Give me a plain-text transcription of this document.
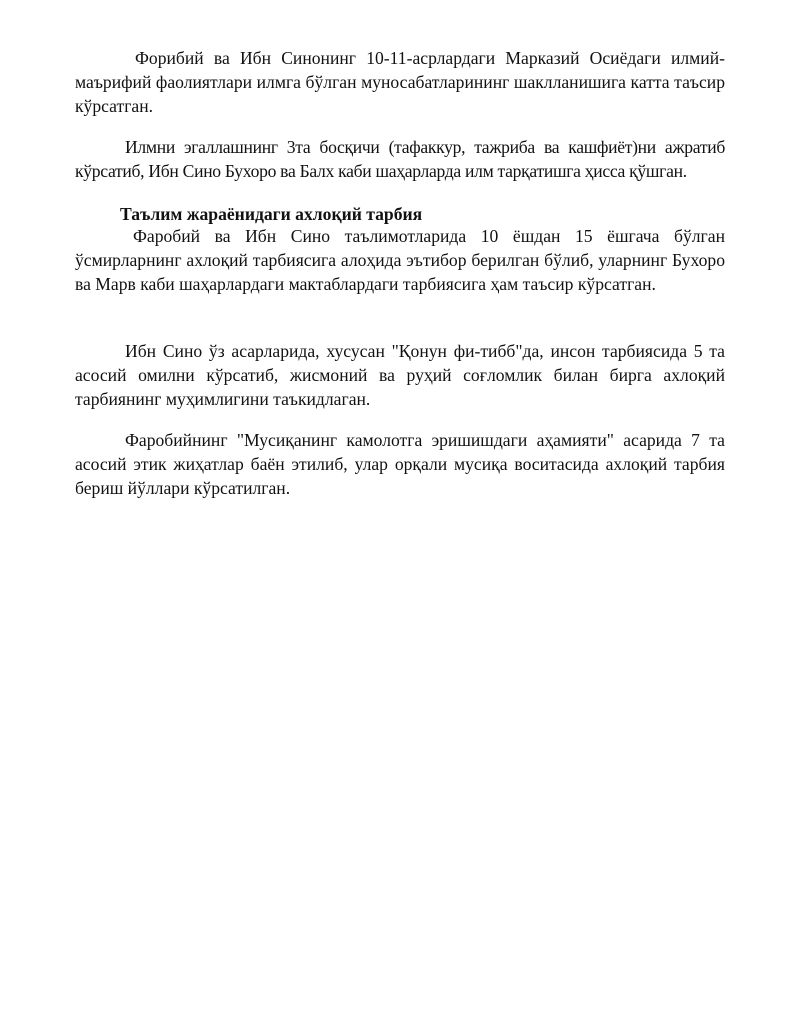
Форибий ва Ибн Синонинг 10-11-асрлардаги Марказий Осиёдаги илмий-маърифий фаолиятлари илмга бўлган муносабатларининг шаклланишига катта таъсир кўрсатган.

Илмни эгаллашнинг 3та босқичи (тафаккур, тажриба ва кашфиёт)ни ажратиб кўрсатиб, Ибн Сино Бухоро ва Балх каби шаҳарларда илм тарқатишга ҳисса қўшган.

Таълим жараёнидаги ахлоқий тарбия

Фаробий ва Ибн Сино таълимотларида 10 ёшдан 15 ёшгача бўлган ўсмирларнинг ахлоқий тарбиясига алоҳида эътибор берилган бўлиб, уларнинг Бухоро ва Марв каби шаҳарлардаги мактаблардаги тарбиясига ҳам таъсир кўрсатган.

Ибн Сино ўз асарларида, хусусан "Қонун фи-тибб"да, инсон тарбиясида 5 та асосий омилни кўрсатиб, жисмоний ва руҳий соғломлик билан бирга ахлоқий тарбиянинг муҳимлигини таъкидлаган.

Фаробийнинг "Мусиқанинг камолотга эришишдаги аҳамияти" асарида 7 та асосий этик жиҳатлар баён этилиб, улар орқали мусиқа воситасида ахлоқий тарбия бериш йўллари кўрсатилган.
